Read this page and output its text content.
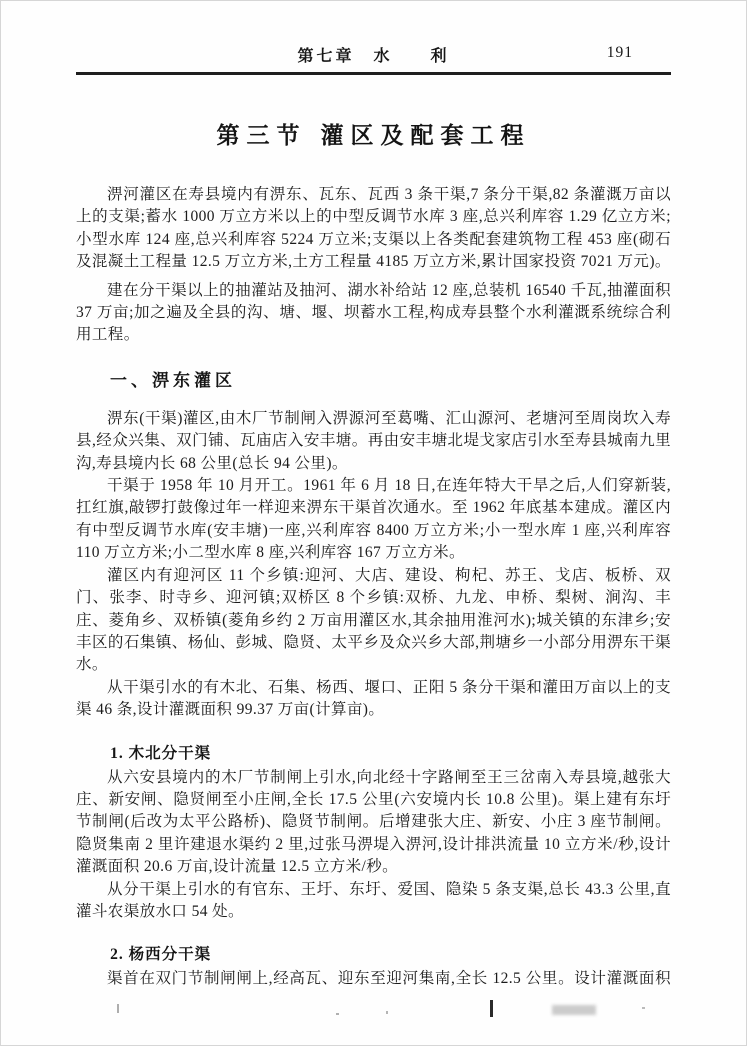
第七章　水　　利	191
第三节 灌区及配套工程

淠河灌区在寿县境内有淠东、瓦东、瓦西 3 条干渠,7 条分干渠,82 条灌溉万亩以上的支渠;蓄水 1000 万立方米以上的中型反调节水库 3 座,总兴利库容 1.29 亿立方米;小型水库 124 座,总兴利库容 5224 万立米;支渠以上各类配套建筑物工程 453 座(砌石及混凝土工程量 12.5 万立方米,土方工程量 4185 万立方米,累计国家投资 7021 万元)。

建在分干渠以上的抽灌站及抽河、湖水补给站 12 座,总装机 16540 千瓦,抽灌面积 37 万亩;加之遍及全县的沟、塘、堰、坝蓄水工程,构成寿县整个水利灌溉系统综合利用工程。

一、淠东灌区

淠东(干渠)灌区,由木厂节制闸入淠源河至葛嘴、汇山源河、老塘河至周岗坎入寿县,经众兴集、双门铺、瓦庙店入安丰塘。再由安丰塘北堤戈家店引水至寿县城南九里沟,寿县境内长 68 公里(总长 94 公里)。

干渠于 1958 年 10 月开工。1961 年 6 月 18 日,在连年特大干旱之后,人们穿新装,扛红旗,敲锣打鼓像过年一样迎来淠东干渠首次通水。至 1962 年底基本建成。灌区内有中型反调节水库(安丰塘)一座,兴利库容 8400 万立方米;小一型水库 1 座,兴利库容 110 万立方米;小二型水库 8 座,兴利库容 167 万立方米。

灌区内有迎河区 11 个乡镇:迎河、大店、建设、枸杞、苏王、戈店、板桥、双门、张李、时寺乡、迎河镇;双桥区 8 个乡镇:双桥、九龙、申桥、梨树、涧沟、丰庄、菱角乡、双桥镇(菱角乡约 2 万亩用灌区水,其余抽用淮河水);城关镇的东津乡;安丰区的石集镇、杨仙、彭城、隐贤、太平乡及众兴乡大部,荆塘乡一小部分用淠东干渠水。

从干渠引水的有木北、石集、杨西、堰口、正阳 5 条分干渠和灌田万亩以上的支渠 46 条,设计灌溉面积 99.37 万亩(计算亩)。

1. 木北分干渠

从六安县境内的木厂节制闸上引水,向北经十字路闸至王三岔南入寿县境,越张大庄、新安闸、隐贤闸至小庄闸,全长 17.5 公里(六安境内长 10.8 公里)。渠上建有东圩节制闸(后改为太平公路桥)、隐贤节制闸。后增建张大庄、新安、小庄 3 座节制闸。隐贤集南 2 里许建退水渠约 2 里,过张马淠堤入淠河,设计排洪流量 10 立方米/秒,设计灌溉面积 20.6 万亩,设计流量 12.5 立方米/秒。

从分干渠上引水的有官东、王圩、东圩、爱国、隐染 5 条支渠,总长 43.3 公里,直灌斗农渠放水口 54 处。

2. 杨西分干渠

渠首在双门节制闸闸上,经高瓦、迎东至迎河集南,全长 12.5 公里。设计灌溉面积
